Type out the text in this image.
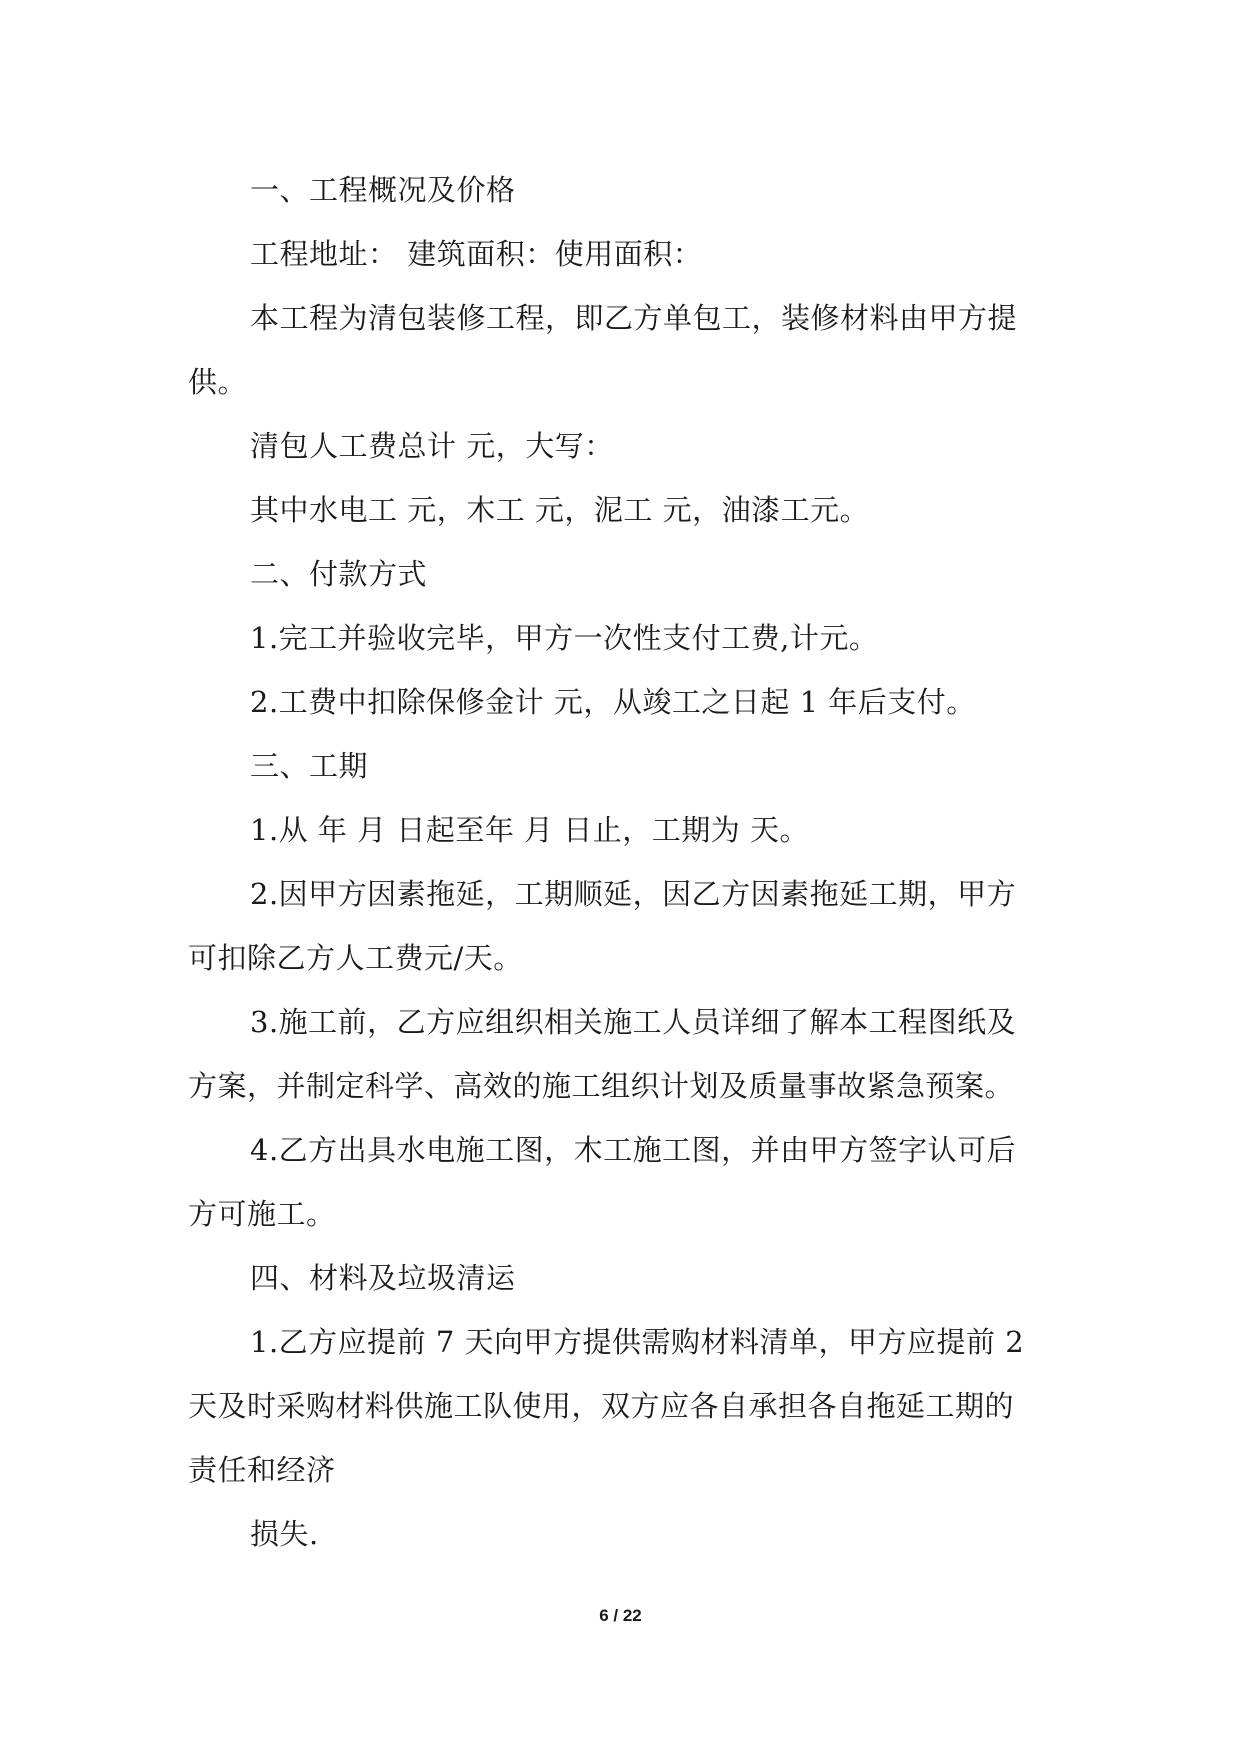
一、工程概况及价格
工程地址： 建筑面积：使用面积：
本工程为清包装修工程，即乙方单包工，装修材料由甲方提
供。
清包人工费总计 元，大写：
其中水电工 元，木工 元，泥工 元，油漆工元。
二、付款方式
1.完工并验收完毕，甲方一次性支付工费,计元。
2.工费中扣除保修金计 元，从竣工之日起 1 年后支付。
三、工期
1.从 年 月 日起至年 月 日止，工期为 天。
2.因甲方因素拖延，工期顺延，因乙方因素拖延工期，甲方
可扣除乙方人工费元/天。
3.施工前，乙方应组织相关施工人员详细了解本工程图纸及
方案，并制定科学、高效的施工组织计划及质量事故紧急预案。
4.乙方出具水电施工图，木工施工图，并由甲方签字认可后
方可施工。
四、材料及垃圾清运
1.乙方应提前 7 天向甲方提供需购材料清单，甲方应提前 2
天及时采购材料供施工队使用，双方应各自承担各自拖延工期的
责任和经济
损失.
6 / 22
